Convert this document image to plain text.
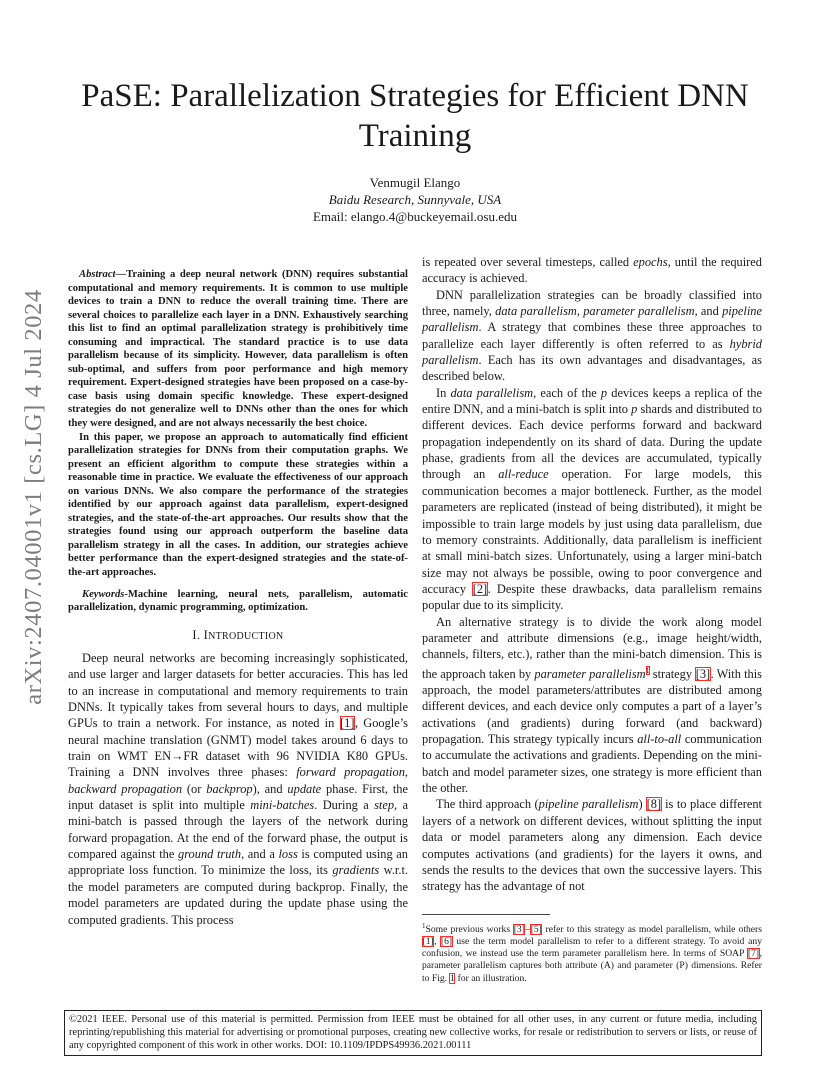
arXiv:2407.04001v1 [cs.LG] 4 Jul 2024
PaSE: Parallelization Strategies for Efficient DNN Training
Venmugil Elango
Baidu Research, Sunnyvale, USA
Email: elango.4@buckeyemail.osu.edu

Abstract—Training a deep neural network (DNN) requires substantial computational and memory requirements. It is common to use multiple devices to train a DNN to reduce the overall training time. There are several choices to parallelize each layer in a DNN. Exhaustively searching this list to find an optimal parallelization strategy is prohibitively time consuming and impractical. The standard practice is to use data parallelism because of its simplicity. However, data parallelism is often sub-optimal, and suffers from poor performance and high memory requirement. Expert-designed strategies have been proposed on a case-by-case basis using domain specific knowledge. These expert-designed strategies do not generalize well to DNNs other than the ones for which they were designed, and are not always necessarily the best choice.

In this paper, we propose an approach to automatically find efficient parallelization strategies for DNNs from their computation graphs. We present an efficient algorithm to compute these strategies within a reasonable time in practice. We evaluate the effectiveness of our approach on various DNNs. We also compare the performance of the strategies identified by our approach against data parallelism, expert-designed strategies, and the state-of-the-art approaches. Our results show that the strategies found using our approach outperform the baseline data parallelism strategy in all the cases. In addition, our strategies achieve better performance than the expert-designed strategies and the state-of-the-art approaches.

Keywords-Machine learning, neural nets, parallelism, automatic parallelization, dynamic programming, optimization.

I. INTRODUCTION

Deep neural networks are becoming increasingly sophisticated, and use larger and larger datasets for better accuracies. This has led to an increase in computational and memory requirements to train DNNs. It typically takes from several hours to days, and multiple GPUs to train a network. For instance, as noted in [1], Google’s neural machine translation (GNMT) model takes around 6 days to train on WMT EN→FR dataset with 96 NVIDIA K80 GPUs. Training a DNN involves three phases: forward propagation, backward propagation (or backprop), and update phase. First, the input dataset is split into multiple mini-batches. During a step, a mini-batch is passed through the layers of the network during forward propagation. At the end of the forward phase, the output is compared against the ground truth, and a loss is computed using an appropriate loss function. To minimize the loss, its gradients w.r.t. the model parameters are computed during backprop. Finally, the model parameters are updated during the update phase using the computed gradients. This process

is repeated over several timesteps, called epochs, until the required accuracy is achieved.

DNN parallelization strategies can be broadly classified into three, namely, data parallelism, parameter parallelism, and pipeline parallelism. A strategy that combines these three approaches to parallelize each layer differently is often referred to as hybrid parallelism. Each has its own advantages and disadvantages, as described below.

In data parallelism, each of the p devices keeps a replica of the entire DNN, and a mini-batch is split into p shards and distributed to different devices. Each device performs forward and backward propagation independently on its shard of data. During the update phase, gradients from all the devices are accumulated, typically through an all-reduce operation. For large models, this communication becomes a major bottleneck. Further, as the model parameters are replicated (instead of being distributed), it might be impossible to train large models by just using data parallelism, due to memory constraints. Additionally, data parallelism is inefficient at small mini-batch sizes. Unfortunately, using a larger mini-batch size may not always be possible, owing to poor convergence and accuracy [2]. Despite these drawbacks, data parallelism remains popular due to its simplicity.

An alternative strategy is to divide the work along model parameter and attribute dimensions (e.g., image height/width, channels, filters, etc.), rather than the mini-batch dimension. This is the approach taken by parameter parallelism$^1$ strategy [3]. With this approach, the model parameters/attributes are distributed among different devices, and each device only computes a part of a layer’s activations (and gradients) during forward (and backward) propagation. This strategy typically incurs all-to-all communication to accumulate the activations and gradients. Depending on the mini-batch and model parameter sizes, one strategy is more efficient than the other.

The third approach (pipeline parallelism) [8] is to place different layers of a network on different devices, without splitting the input data or model parameters along any dimension. Each device computes activations (and gradients) for the layers it owns, and sends the results to the devices that own the successive layers. This strategy has the advantage of not

$^1$Some previous works [3]–[5] refer to this strategy as model parallelism, while others [1], [6] use the term model parallelism to refer to a different strategy. To avoid any confusion, we instead use the term parameter parallelism here. In terms of SOAP [7], parameter parallelism captures both attribute (A) and parameter (P) dimensions. Refer to Fig. 1 for an illustration.
©2021 IEEE. Personal use of this material is permitted. Permission from IEEE must be obtained for all other uses, in any current or future media, including reprinting/republishing this material for advertising or promotional purposes, creating new collective works, for resale or redistribution to servers or lists, or reuse of any copyrighted component of this work in other works. DOI: 10.1109/IPDPS49936.2021.00111
